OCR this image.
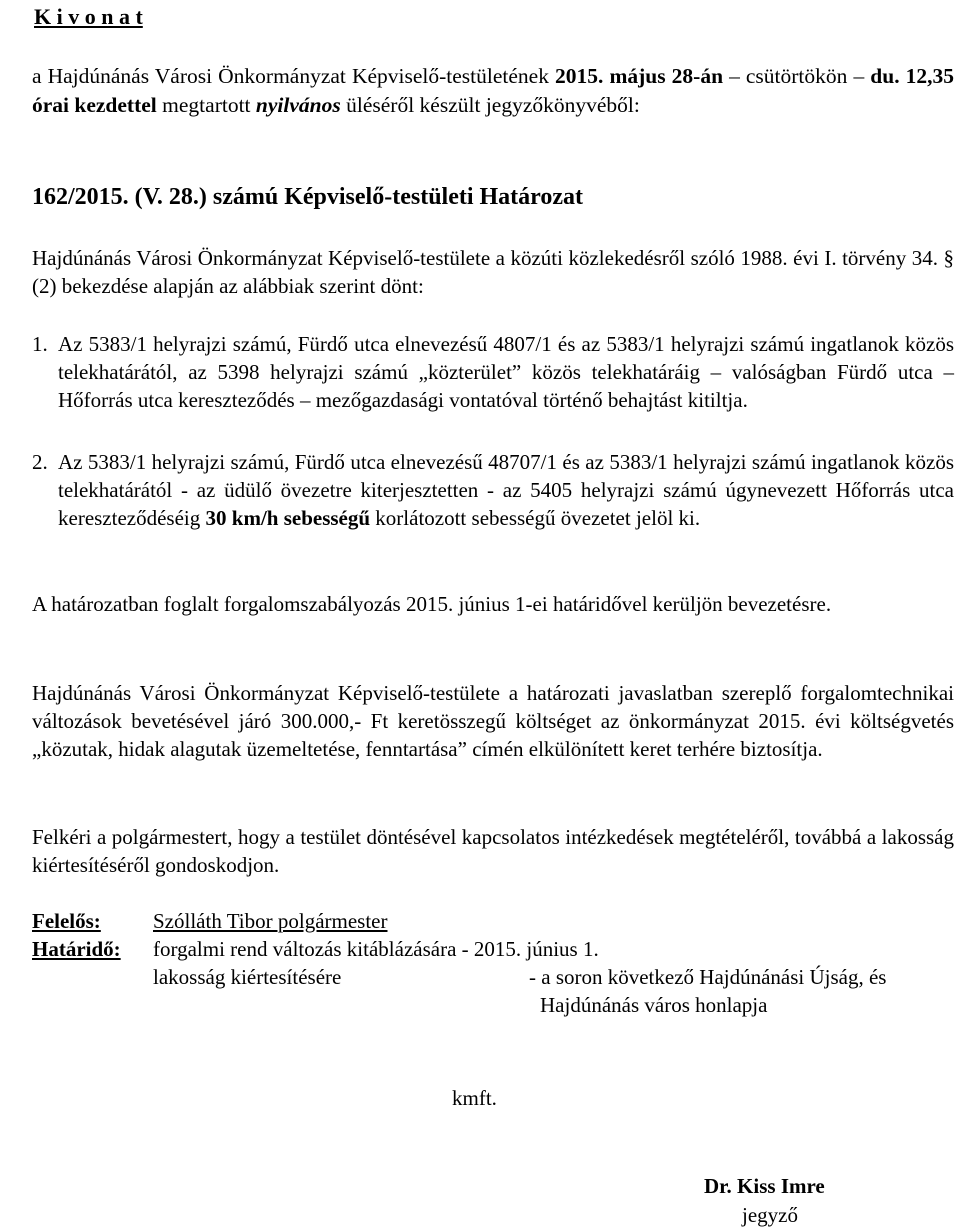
K i v o n a t
a Hajdúnánás Városi Önkormányzat Képviselő-testületének 2015. május 28-án – csütörtökön – du. 12,35 órai kezdettel megtartott nyilvános üléséről készült jegyzőkönyvéből:
162/2015. (V. 28.) számú Képviselő-testületi Határozat
Hajdúnánás Városi Önkormányzat Képviselő-testülete a közúti közlekedésről szóló 1988. évi I. törvény 34. § (2) bekezdése alapján az alábbiak szerint dönt:
1. Az 5383/1 helyrajzi számú, Fürdő utca elnevezésű 4807/1 és az 5383/1 helyrajzi számú ingatlanok közös telekhatárától, az 5398 helyrajzi számú „közterület” közös telekhatáráig – valóságban Fürdő utca – Hőforrás utca kereszteződés – mezőgazdasági vontatóval történő behajtást kitiltja.
2. Az 5383/1 helyrajzi számú, Fürdő utca elnevezésű 48707/1 és az 5383/1 helyrajzi számú ingatlanok közös telekhatárától - az üdülő övezetre kiterjesztetten - az 5405 helyrajzi számú úgynevezett Hőforrás utca kereszteződéséig 30 km/h sebességű korlátozott sebességű övezetet jelöl ki.
A határozatban foglalt forgalomszabályozás 2015. június 1-ei határidővel kerüljön bevezetésre.
Hajdúnánás Városi Önkormányzat Képviselő-testülete a határozati javaslatban szereplő forgalomtechnikai változások bevetésével járó 300.000,- Ft keretösszegű költséget az önkormányzat 2015. évi költségvetés „közutak, hidak alagutak üzemeltetése, fenntartása” címén elkülönített keret terhére biztosítja.
Felkéri a polgármestert, hogy a testület döntésével kapcsolatos intézkedések megtételéről, továbbá a lakosság kiértesítéséről gondoskodjon.
Felelős: Szólláth Tibor polgármester
Határidő: forgalmi rend változás kitáblázására - 2015. június 1.
lakosság kiértesítésére	- a soron következő Hajdúnánási Újság, és
Hajdúnánás város honlapja
kmft.
Dr. Kiss Imre
jegyző
